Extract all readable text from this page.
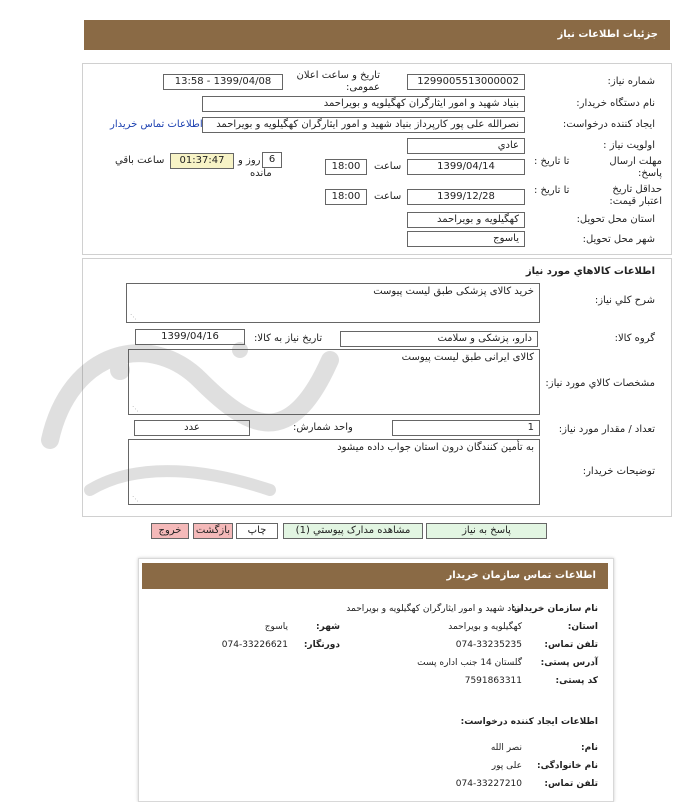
جزئیات اطلاعات نیاز
شماره نیاز:
1299005513000002
تاریخ و ساعت اعلان عمومی:
1399/04/08 - 13:58
نام دستگاه خریدار:
بنیاد شهید و امور ایثارگران کهگیلویه و بویراحمد
ایجاد کننده درخواست:
نصرالله علی پور کارپرداز بنیاد شهید و امور ایثارگران کهگیلویه و بویراحمد
اطلاعات تماس خریدار
اولویت نیاز :
عادي
مهلت ارسال پاسخ:
تا تاریخ :
1399/04/14
ساعت
18:00
6
روز و
مانده
01:37:47
ساعت باقي
حداقل تاریخ اعتبار قیمت:
تا تاریخ :
1399/12/28
ساعت
18:00
استان محل تحویل:
کهگیلویه و بویراحمد
شهر محل تحویل:
یاسوج
اطلاعات کالاهاي مورد نياز
شرح كلي نياز:
خرید کالای پزشکی طبق لیست پیوست
⋰
گروه کالا:
دارو، پزشکی و سلامت
تاریخ نیاز به کالا:
1399/04/16
مشخصات كالاي مورد نياز:
کالای ایرانی طبق لیست پیوست
⋰
تعداد / مقدار مورد نیاز:
1
واحد شمارش:
عدد
توضیحات خریدار:
به تأمین کنندگان درون استان جواب داده میشود
⋰
پاسخ به نیاز
مشاهده مدارک پیوستي (1)
چاپ
بازگشت
خروج
اطلاعات تماس سازمان خریدار
نام سازمان خریدار:
بنیاد شهید و امور ایثارگران کهگیلویه و بویراحمد
استان:
کهگیلویه و بویراحمد
شهر:
یاسوج
تلفن تماس:
074-33235235
دورنگار:
074-33226621
آدرس پستی:
گلستان 14 جنب اداره پست
کد پستی:
7591863311
اطلاعات ایجاد کننده درخواست:
نام:
نصر الله
نام خانوادگی:
علی پور
تلفن تماس:
074-33227210
